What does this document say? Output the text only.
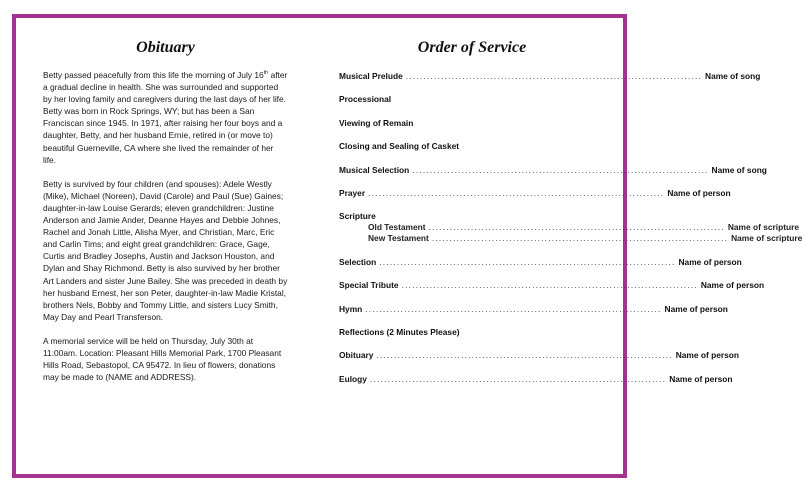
Obituary

Betty passed peacefully from this life the morning of July 16th after a gradual decline in health. She was surrounded and supported by her loving family and caregivers during the last days of her life. Betty was born in Rock Springs, WY; but has been a San Franciscan since 1945. In 1971, after raising her four boys and a daughter, Betty, and her husband Ernie, retired in (or move to) beautiful Guerneville, CA where she lived the remainder of her life.

Betty is survived by four children (and spouses): Adele Westly (Mike), Michael (Noreen), David (Carole) and Paul (Sue) Gaines; daughter-in-law Louise Gerards; eleven grandchildren: Justine Anderson and Jamie Ander, Deanne Hayes and Debbie Johnes, Rachel and Jonah Little, Alisha Myer, and Christian, Marc, Eric and Carlin Tims; and eight great grandchildren: Grace, Gage, Curtis and Bradley Josephs, Austin and Jackson Houston, and Dylan and Shay Richmond. Betty is also survived by her brother Art Landers and sister June Bailey. She was preceded in death by her husband Ernest, her son Peter, daughter-in-law Madie Kristal, brothers Nels, Bobby and Tommy Little, and sisters Lucy Smith, May Day and Pearl Transferson.

A memorial service will be held on Thursday, July 30th at 11:00am. Location: Pleasant Hills Memorial Park, 1700 Pleasant Hills Road, Sebastopol, CA 95472. In lieu of flowers, donations may be made to (NAME and ADDRESS).

Order of Service
Musical Prelude .................................................................................... Name of song
Processional
Viewing of Remain
Closing and Sealing of Casket
Musical Selection .................................................................................... Name of song
Prayer .................................................................................... Name of person
Scripture
Old Testament .................................................................................... Name of scripture
New Testament .................................................................................... Name of scripture
Selection .................................................................................... Name of person
Special Tribute .................................................................................... Name of person
Hymn .................................................................................... Name of person
Reflections (2 Minutes Please)
Obituary .................................................................................... Name of person
Eulogy .................................................................................... Name of person
